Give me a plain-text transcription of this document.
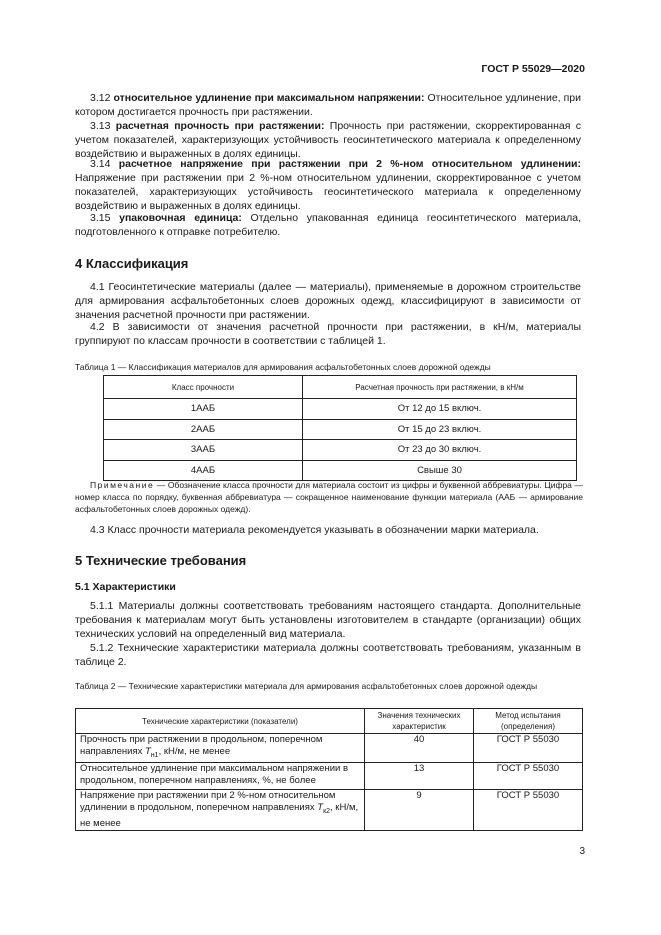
ГОСТ Р 55029—2020

3.12 относительное удлинение при максимальном напряжении: Относительное удлинение, при котором достигается прочность при растяжении.

3.13 расчетная прочность при растяжении: Прочность при растяжении, скорректированная с учетом показателей, характеризующих устойчивость геосинтетического материала к определенному воздействию и выраженных в долях единицы.

3.14 расчетное напряжение при растяжении при 2 %-ном относительном удлинении: Напряжение при растяжении при 2 %-ном относительном удлинении, скорректированное с учетом показателей, характеризующих устойчивость геосинтетического материала к определенному воздействию и выраженных в долях единицы.

3.15 упаковочная единица: Отдельно упакованная единица геосинтетического материала, подготовленного к отправке потребителю.

4 Классификация

4.1 Геосинтетические материалы (далее — материалы), применяемые в дорожном строительстве для армирования асфальтобетонных слоев дорожных одежд, классифицируют в зависимости от значения расчетной прочности при растяжении.

4.2 В зависимости от значения расчетной прочности при растяжении, в кН/м, материалы группируют по классам прочности в соответствии с таблицей 1.

Таблица 1 — Классификация материалов для армирования асфальтобетонных слоев дорожной одежды
Класс прочности	Расчетная прочность при растяжении, в кН/м
1ААБ	От 12 до 15 включ.
2ААБ	От 15 до 23 включ.
3ААБ	От 23 до 30 включ.
4ААБ	Свыше 30
Примечание — Обозначение класса прочности для материала состоит из цифры и буквенной аббревиатуры. Цифра — номер класса по порядку, буквенная аббревиатура — сокращенное наименование функции материала (ААБ — армирование асфальтобетонных слоев дорожных одежд).

4.3 Класс прочности материала рекомендуется указывать в обозначении марки материала.

5 Технические требования
5.1 Характеристики

5.1.1 Материалы должны соответствовать требованиям настоящего стандарта. Дополнительные требования к материалам могут быть установлены изготовителем в стандарте (организации) общих технических условий на определенный вид материала.

5.1.2 Технические характеристики материала должны соответствовать требованиям, указанным в таблице 2.

Таблица 2 — Технические характеристики материала для армирования асфальтобетонных слоев дорожной одежды
Технические характеристики (показатели)	Значения технических характеристик	Метод испытания (определения)
Прочность при растяжении в продольном, поперечном направлениях $T_{н1}$, кН/м, не менее	40	ГОСТ Р 55030
Относительное удлинение при максимальном напряжении в продольном, поперечном направлениях, %, не более	13	ГОСТ Р 55030
Напряжение при растяжении при 2 %-ном относительном удлинении в продольном, поперечном направлениях $T_{к2}$, кН/м, не менее	9	ГОСТ Р 55030
3
